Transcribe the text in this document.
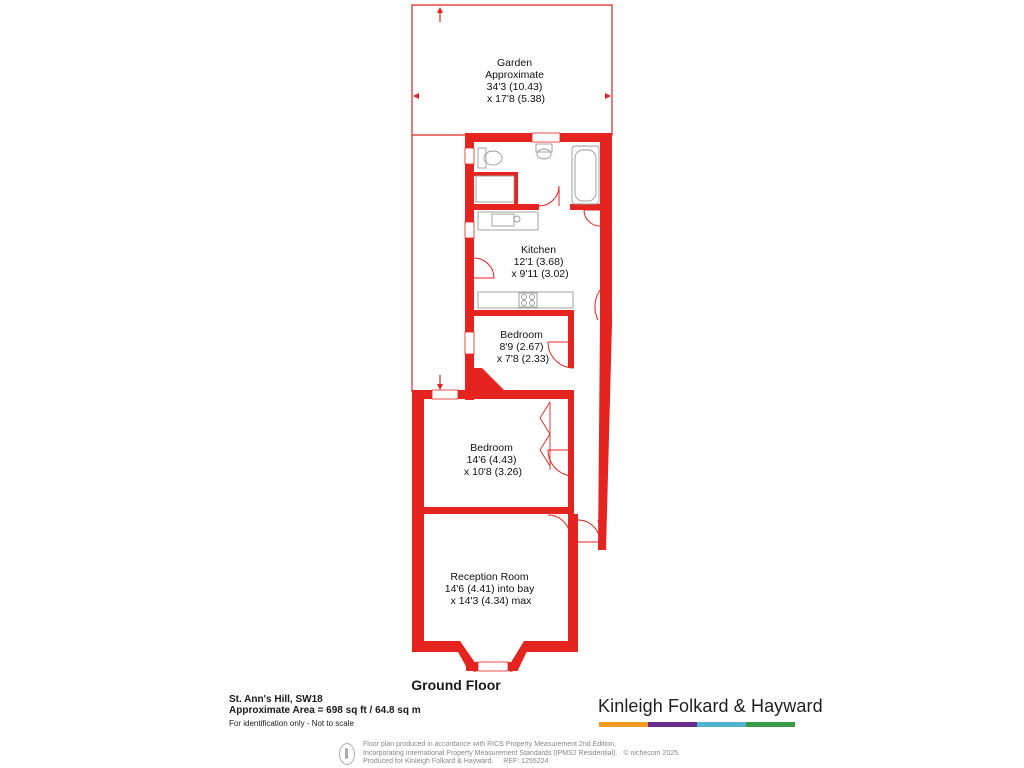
Garden Approximate 34'3 (10.43) x 17'8 (5.38)
Kitchen 12'1 (3.68) x 9'11 (3.02)
Bedroom 8'9 (2.67) x 7'8 (2.33)
Bedroom 14'6 (4.43) x 10'8 (3.26)
Reception Room 14'6 (4.41) into bay x 14'3 (4.34) max
Ground Floor
St. Ann's Hill, SW18
Approximate Area = 698 sq ft / 64.8 sq m
For identification only - Not to scale
Kinleigh Folkard & Hayward
Floor plan produced in accordance with RICS Property Measurement 2nd Edition,
Incorporating International Property Measurement Standards (IPMS2 Residential). © nichecom 2025.
Produced for Kinleigh Folkard & Hayward. REF: 1255224
